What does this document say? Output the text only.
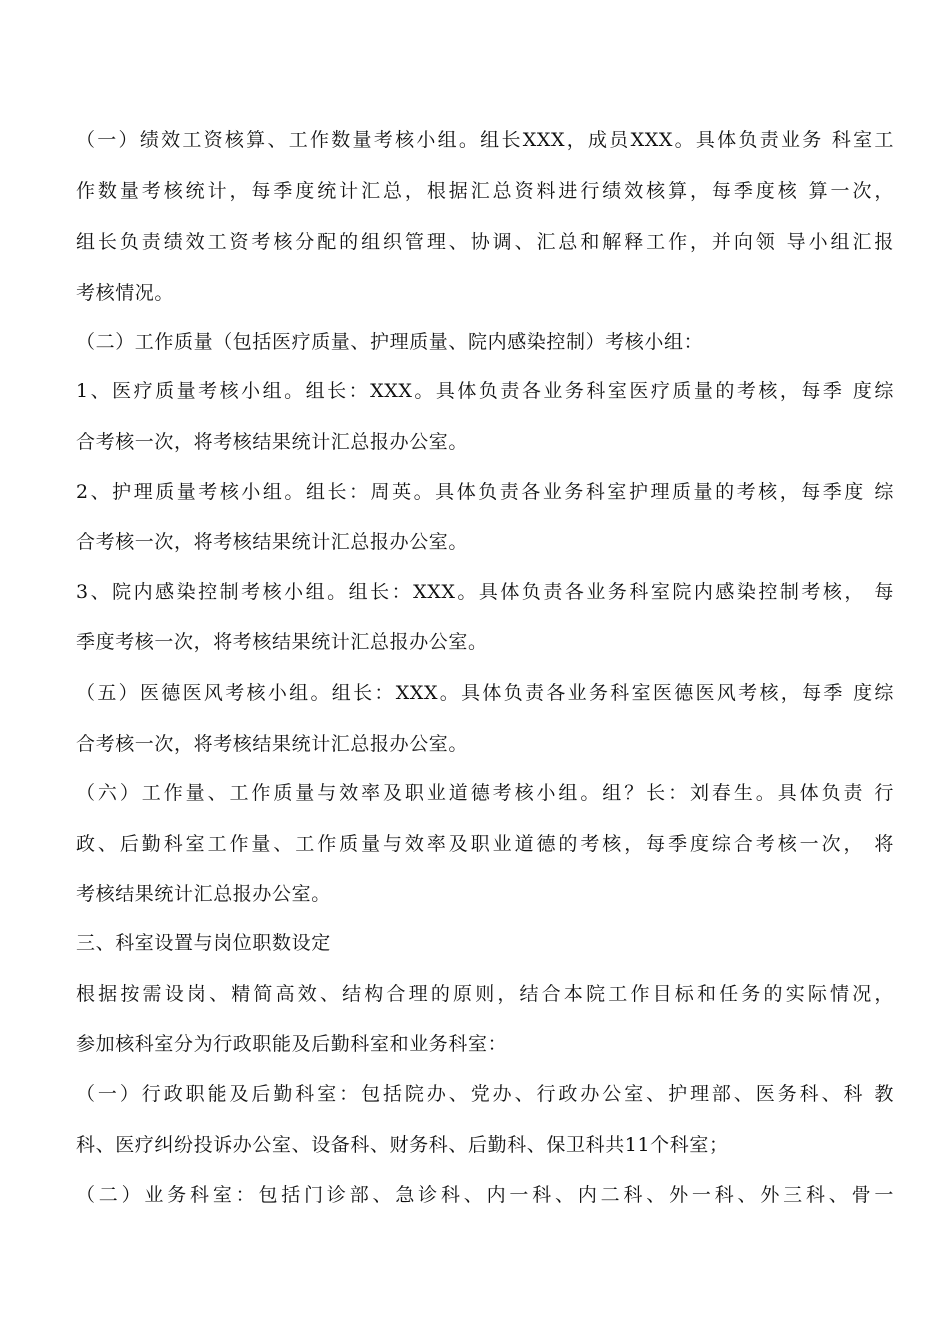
（一）绩效工资核算、工作数量考核小组。组长XXX，成员XXX。具体负责业务 科室工
作数量考核统计，每季度统计汇总，根据汇总资料进行绩效核算，每季度核 算一次，
组长负责绩效工资考核分配的组织管理、协调、汇总和解释工作，并向领 导小组汇报
考核情况。
（二）工作质量（包括医疗质量、护理质量、院内感染控制）考核小组：
1、医疗质量考核小组。组长：XXX。具体负责各业务科室医疗质量的考核，每季 度综
合考核一次，将考核结果统计汇总报办公室。
2、护理质量考核小组。组长：周英。具体负责各业务科室护理质量的考核，每季度 综
合考核一次，将考核结果统计汇总报办公室。
3、院内感染控制考核小组。组长：XXX。具体负责各业务科室院内感染控制考核， 每
季度考核一次，将考核结果统计汇总报办公室。
（五）医德医风考核小组。组长：XXX。具体负责各业务科室医德医风考核，每季 度综
合考核一次，将考核结果统计汇总报办公室。
（六）工作量、工作质量与效率及职业道德考核小组。组？长：刘春生。具体负责 行
政、后勤科室工作量、工作质量与效率及职业道德的考核，每季度综合考核一次， 将
考核结果统计汇总报办公室。
三、科室设置与岗位职数设定
根据按需设岗、精简高效、结构合理的原则，结合本院工作目标和任务的实际情况，
参加核科室分为行政职能及后勤科室和业务科室：
（一）行政职能及后勤科室：包括院办、党办、行政办公室、护理部、医务科、科 教
科、医疗纠纷投诉办公室、设备科、财务科、后勤科、保卫科共11个科室；
（二）业务科室：包括门诊部、急诊科、内一科、内二科、外一科、外三科、骨一
